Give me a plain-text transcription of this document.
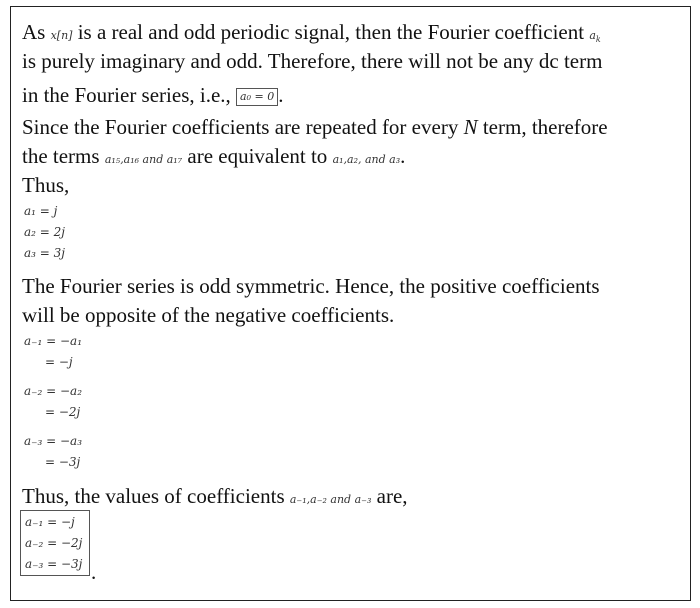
As x[n] is a real and odd periodic signal, then the Fourier coefficient $a_k$

is purely imaginary and odd. Therefore, there will not be any dc term

in the Fourier series, i.e., a₀ = 0 .

Since the Fourier coefficients are repeated for every N term, therefore

the terms a₁₅,a₁₆ and a₁₇ are equivalent to a₁,a₂, and a₃.

Thus,

a₁ = j

a₂ = 2j

a₃ = 3j

The Fourier series is odd symmetric. Hence, the positive coefficients

will be opposite of the negative coefficients.

a₋₁ = −a₁

= −j

a₋₂ = −a₂

= −2j

a₋₃ = −a₃

= −3j

Thus, the values of coefficients a₋₁,a₋₂ and a₋₃ are,

a₋₁ = −j

a₋₂ = −2j

a₋₃ = −3j .
